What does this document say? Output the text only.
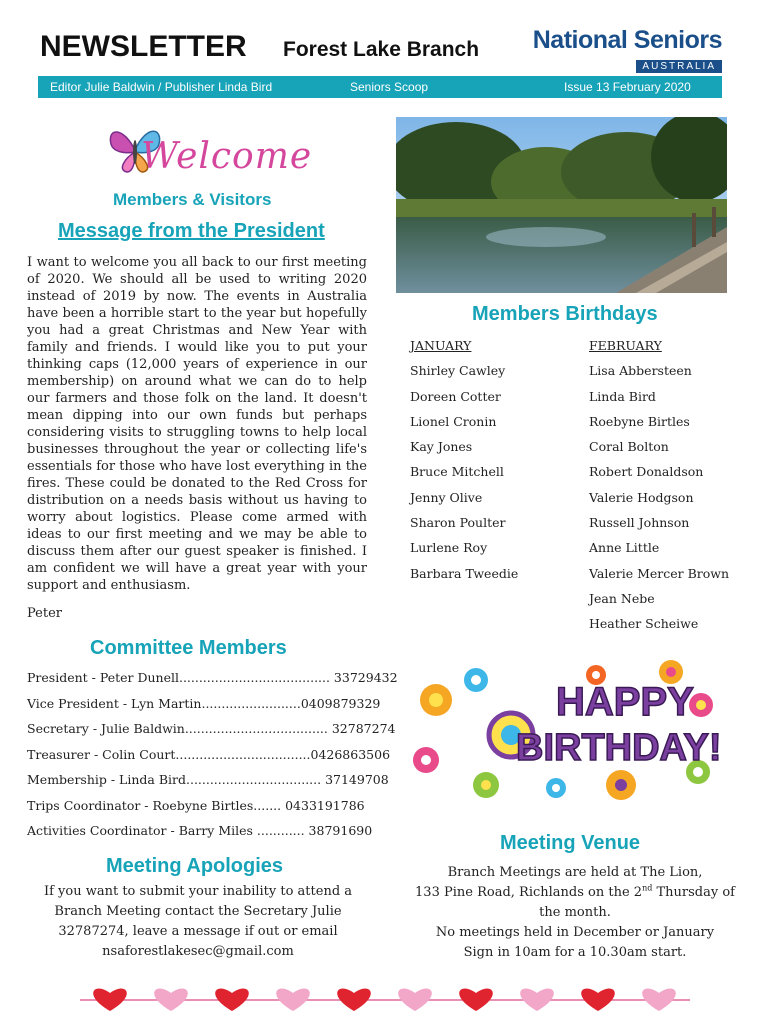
NEWSLETTER Forest Lake Branch National Seniors
AUSTRALIA
Editor Julie Baldwin / Publisher Linda Bird	Seniors Scoop	Issue 13 February 2020
Welcome
Members & Visitors
Message from the President
I want to welcome you all back to our first meeting of 2020. We should all be used to writing 2020 instead of 2019 by now. The events in Australia have been a horrible start to the year but hopefully you had a great Christmas and New Year with family and friends. I would like you to put your thinking caps (12,000 years of experience in our membership) on around what we can do to help our farmers and those folk on the land. It doesn't mean dipping into our own funds but perhaps considering visits to struggling towns to help local businesses throughout the year or collecting life's essentials for those who have lost everything in the fires. These could be donated to the Red Cross for distribution on a needs basis without us having to worry about logistics. Please come armed with ideas to our first meeting and we may be able to discuss them after our guest speaker is finished. I am confident we will have a great year with your support and enthusiasm.
Peter
Members Birthdays
JANUARY
Shirley Cawley
Doreen Cotter
Lionel Cronin
Kay Jones
Bruce Mitchell
Jenny Olive
Sharon Poulter
Lurlene Roy
Barbara Tweedie
FEBRUARY
Lisa Abbersteen
Linda Bird
Roebyne Birtles
Coral Bolton
Robert Donaldson
Valerie Hodgson
Russell Johnson
Anne Little
Valerie Mercer Brown
Jean Nebe
Heather Scheiwe
Committee Members
President - Peter Dunell...................................... 33729432
Vice President - Lyn Martin.........................0409879329
Secretary - Julie Baldwin.................................... 32787274
Treasurer - Colin Court..................................0426863506
Membership - Linda Bird.................................. 37149708
Trips Coordinator - Roebyne Birtles....... 0433191786
Activities Coordinator - Barry Miles ............ 38791690
HAPPY
BIRTHDAY!
Meeting Apologies
If you want to submit your inability to attend a
Branch Meeting contact the Secretary Julie
32787274, leave a message if out or email
nsaforestlakesec@gmail.com
Meeting Venue
Branch Meetings are held at The Lion,
133 Pine Road, Richlands on the 2nd Thursday of
the month.
No meetings held in December or January
Sign in 10am for a 10.30am start.
